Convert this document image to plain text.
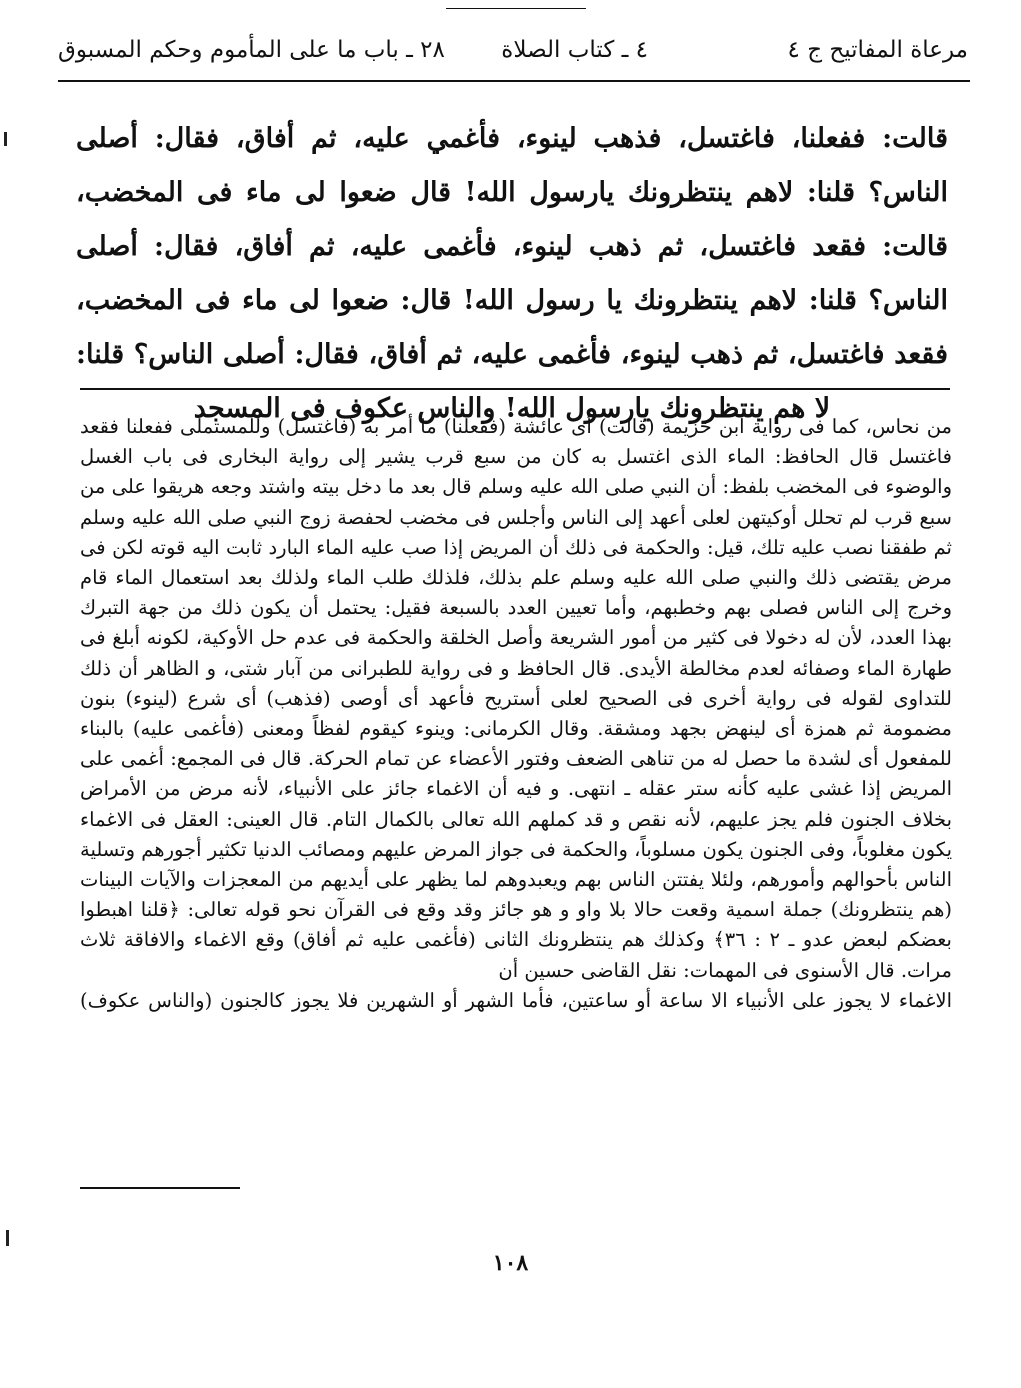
مرعاة المفاتيح ج ٤
٤ ـ كتاب الصلاة
٢٨ ـ باب ما على المأموم وحكم المسبوق
قالت: ففعلنا، فاغتسل، فذهب لينوء، فأغمي عليه، ثم أفاق، فقال: أصلى الناس؟ قلنا: لاهم ينتظرونك يارسول الله! قال ضعوا لى ماء فى المخضب، قالت: فقعد فاغتسل، ثم ذهب لينوء، فأغمى عليه، ثم أفاق، فقال: أصلى الناس؟ قلنا: لاهم ينتظرونك يا رسول الله! قال: ضعوا لى ماء فى المخضب، فقعد فاغتسل، ثم ذهب لينوء، فأغمى عليه، ثم أفاق، فقال: أصلى الناس؟ قلنا: لا هم ينتظرونك يارسول الله! والناس عكوف فى المسجد
من نحاس، كما فى رواية ابن خزيمة (قالت) أى عائشة (ففعلنا) ما أمر به (فاغتسل) وللمستملى ففعلنا فقعد فاغتسل قال الحافظ: الماء الذى اغتسل به كان من سبع قرب يشير إلى رواية البخارى فى باب الغسل والوضوء فى المخضب بلفظ: أن النبي صلى الله عليه وسلم قال بعد ما دخل بيته واشتد وجعه هريقوا على من سبع قرب لم تحلل أوكيتهن لعلى أعهد إلى الناس وأجلس فى مخضب لحفصة زوج النبي صلى الله عليه وسلم ثم طفقنا نصب عليه تلك، قيل: والحكمة فى ذلك أن المريض إذا صب عليه الماء البارد ثابت اليه قوته لكن فى مرض يقتضى ذلك والنبي صلى الله عليه وسلم علم بذلك، فلذلك طلب الماء ولذلك بعد استعمال الماء قام وخرج إلى الناس فصلى بهم وخطبهم، وأما تعيين العدد بالسبعة فقيل: يحتمل أن يكون ذلك من جهة التبرك بهذا العدد، لأن له دخولا فى كثير من أمور الشريعة وأصل الخلقة والحكمة فى عدم حل الأوكية، لكونه أبلغ فى طهارة الماء وصفائه لعدم مخالطة الأيدى. قال الحافظ و فى رواية للطبرانى من آبار شتى، و الظاهر أن ذلك للتداوى لقوله فى رواية أخرى فى الصحيح لعلى أستريح فأعهد أى أوصى (فذهب) أى شرع (لينوء) بنون مضمومة ثم همزة أى لينهض بجهد ومشقة. وقال الكرمانى: وينوء كيقوم لفظاً ومعنى (فأغمى عليه) بالبناء للمفعول أى لشدة ما حصل له من تناهى الضعف وفتور الأعضاء عن تمام الحركة. قال فى المجمع: أغمى على المريض إذا غشى عليه كأنه ستر عقله ـ انتهى. و فيه أن الاغماء جائز على الأنبياء، لأنه مرض من الأمراض بخلاف الجنون فلم يجز عليهم، لأنه نقص و قد كملهم الله تعالى بالكمال التام. قال العينى: العقل فى الاغماء يكون مغلوباً، وفى الجنون يكون مسلوباً، والحكمة فى جواز المرض عليهم ومصائب الدنيا تكثير أجورهم وتسلية الناس بأحوالهم وأمورهم، ولئلا يفتتن الناس بهم ويعبدوهم لما يظهر على أيديهم من المعجزات والآيات البينات (هم ينتظرونك) جملة اسمية وقعت حالا بلا واو و هو جائز وقد وقع فى القرآن نحو قوله تعالى: ﴿قلنا اهبطوا بعضكم لبعض عدو ـ ٢ : ٣٦﴾ وكذلك هم ينتظرونك الثانى (فأغمى عليه ثم أفاق) وقع الاغماء والافاقة ثلاث مرات. قال الأسنوى فى المهمات: نقل القاضى حسين أن
الاغماء لا يجوز على الأنبياء الا ساعة أو ساعتين، فأما الشهر أو الشهرين فلا يجوز كالجنون (والناس عكوف)
١٠٨
